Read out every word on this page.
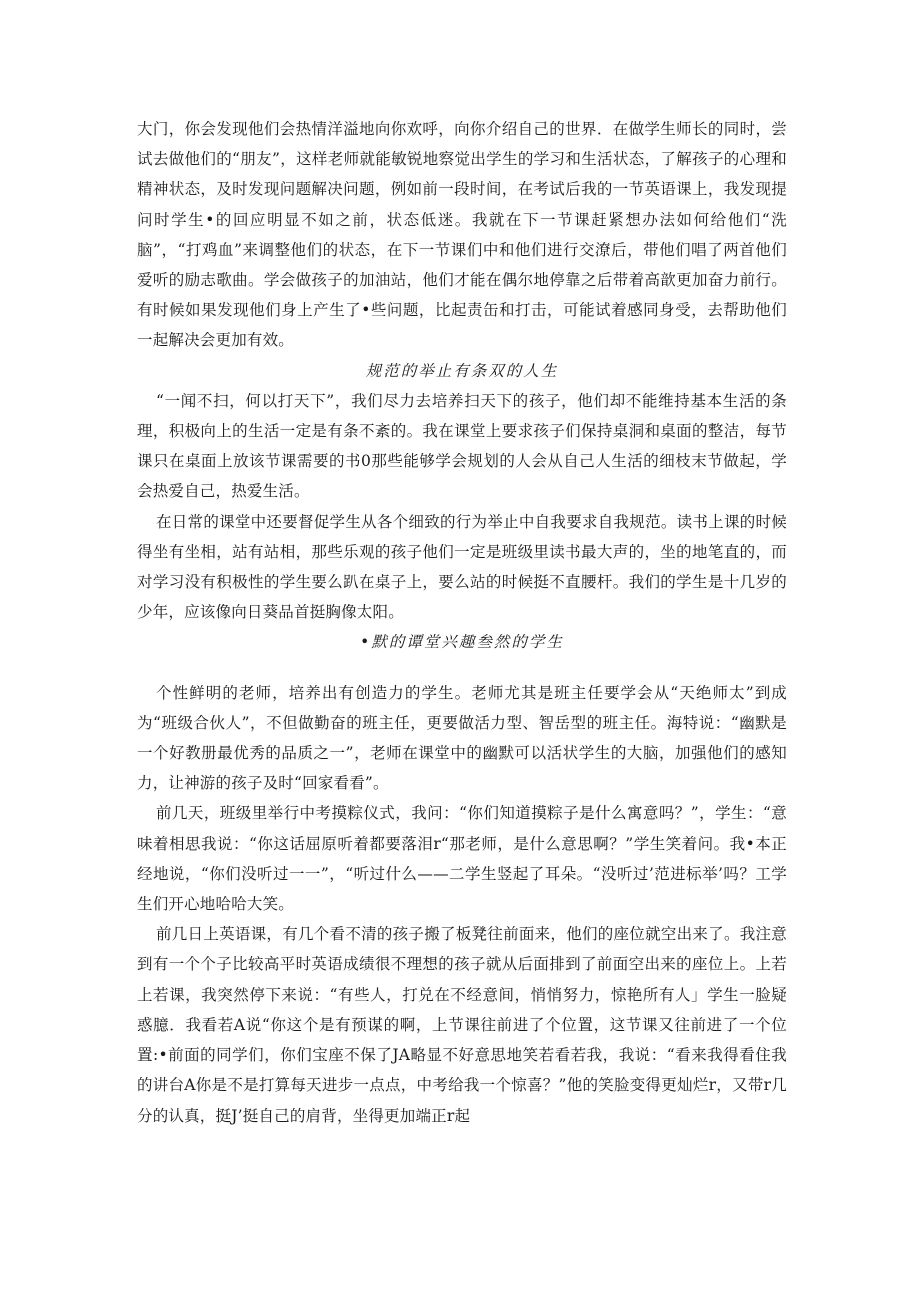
大门，你会发现他们会热情洋溢地向你欢呼，向你介绍自己的世界．在做学生师长的同时，尝试去做他们的“朋友”，这样老师就能敏锐地察觉出学生的学习和生活状态，了解孩子的心理和精神状态，及时发现问题解决问题，例如前一段时间，在考试后我的一节英语课上，我发现提问时学生•的回应明显不如之前，状态低迷。我就在下一节课赶紧想办法如何给他们“洗脑”，“打鸡血”来调整他们的状态，在下一节课们中和他们进行交潦后，带他们唱了两首他们爱听的励志歌曲。学会做孩子的加油站，他们才能在偶尔地停靠之后带着高歆更加奋力前行。有时候如果发现他们身上产生了•些问题，比起责缶和打击，可能试着感同身受，去帮助他们一起解决会更加有效。

规范的举止有条双的人生

“一闻不扫，何以打天下”，我们尽力去培养扫天下的孩子，他们却不能维持基本生活的条理，积极向上的生活一定是有条不紊的。我在课堂上要求孩子们保持桌洞和桌面的整洁，每节课只在桌面上放该节课需要的书0那些能够学会规划的人会从自己人生活的细枝末节做起，学会热爱自己，热爱生活。

在日常的课堂中还要督促学生从各个细致的行为举止中自我要求自我规范。读书上课的时候得坐有坐相，站有站相，那些乐观的孩子他们一定是班级里读书最大声的，坐的地笔直的，而对学习没有积极性的学生要么趴在桌子上，要么站的时候挺不直腰杆。我们的学生是十几岁的少年，应该像向日葵品首挺胸像太阳。

•默的谭堂兴趣叁然的学生

个性鲜明的老师，培养出有创造力的学生。老师尤其是班主任要学会从“天绝师太”到成为“班级合伙人”，不但做勤奋的班主任，更要做活力型、智岳型的班主任。海特说：“幽默是一个好教册最优秀的品质之一”，老师在课堂中的幽默可以活状学生的大脑，加强他们的感知力，让神游的孩子及时“回家看看”。

前几天，班级里举行中考摸粽仪式，我问：“你们知道摸粽子是什么寓意吗？”，学生：“意味着相思我说：“你这话屈原听着都要落泪r“那老师，是什么意思啊？”学生笑着问。我•本正经地说，“你们没听过一一”，“听过什么——二学生竖起了耳朵。“没听过’范进标举’吗？工学生们开心地哈哈大笑。

前几日上英语课，有几个看不清的孩子搬了板凳往前面来，他们的座位就空出来了。我注意到有一个个子比较高平时英语成绩很不理想的孩子就从后面排到了前面空出来的座位上。上若上若课，我突然停下来说：“有些人，打兑在不经意间，悄悄努力，惊艳所有人」学生一脸疑惑臆．我看若A说“你这个是有预谋的啊，上节课往前进了个位置，这节课又往前进了一个位置:•前面的同学们，你们宝座不保了JA略显不好意思地笑若看若我，我说：“看来我得看住我的讲台A你是不是打算每天进步一点点，中考给我一个惊喜？”他的笑脸变得更灿烂r，又带r几分的认真，挺J’挺自己的肩背，坐得更加端正r起
